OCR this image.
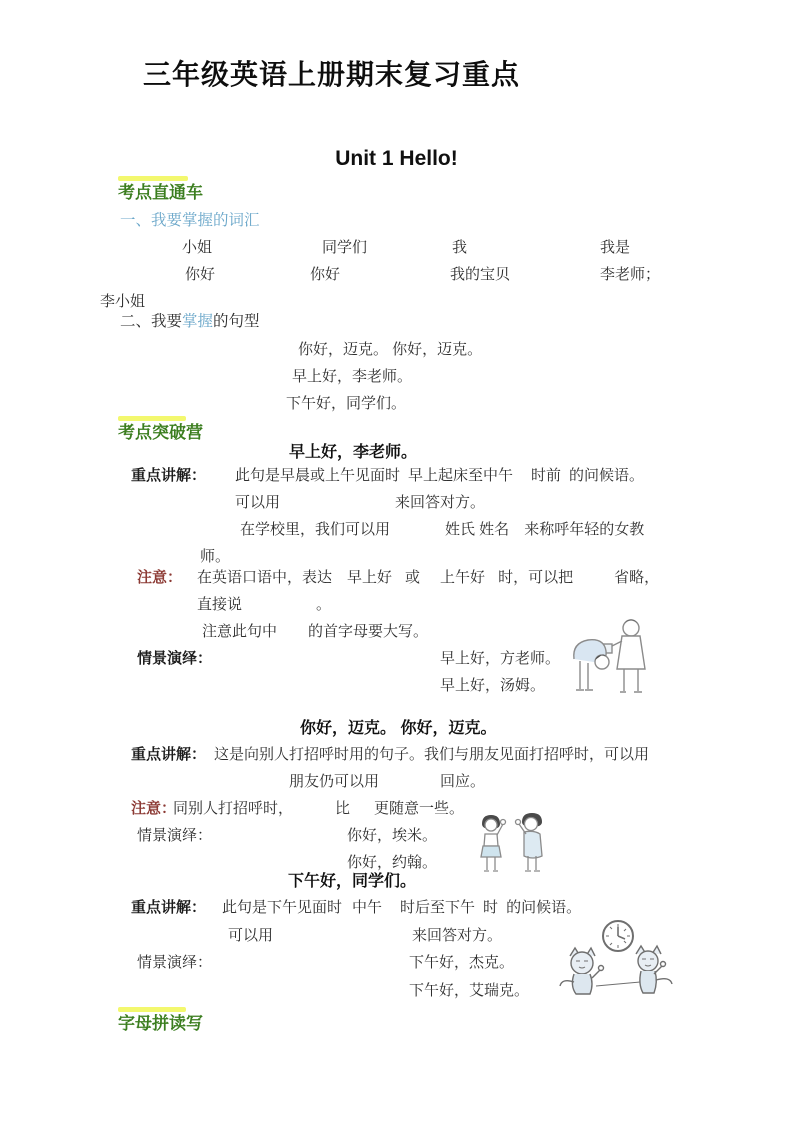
三年级英语上册期末复习重点
Unit 1 Hello!
考点直通车
一、我要掌握的词汇
小姐	同学们	我	我是
你好	你好	我的宝贝	李老师；
李小姐
二、我要掌握的句型
你好，迈克。 你好，迈克。
早上好，李老师。
下午好，同学们。
考点突破营
早上好，李老师。
重点讲解： 此句是早晨或上午见面时 早上起床至中午 时前 的问候语。
可以用	来回答对方。
在学校里，我们可以用	姓氏 姓名 来称呼年轻的女教
师。
注意： 在英语口语中，表达 早上好 或 上午好 时，可以把	省略，
直接说	。
注意此句中 的首字母要大写。
情景演绎：	早上好，方老师。
早上好，汤姆。
你好，迈克。 你好，迈克。
重点讲解： 这是向别人打招呼时用的句子。我们与朋友见面打招呼时，可以用
朋友仍可以用	回应。
注意：
同别人打招呼时，	比 更随意一些。
情景演绎：	你好，埃米。
你好，约翰。
下午好，同学们。
重点讲解： 此句是下午见面时 中午 时后至下午 时 的问候语。
可以用	来回答对方。
情景演绎：	下午好，杰克。
下午好，艾瑞克。
字母拼读写
